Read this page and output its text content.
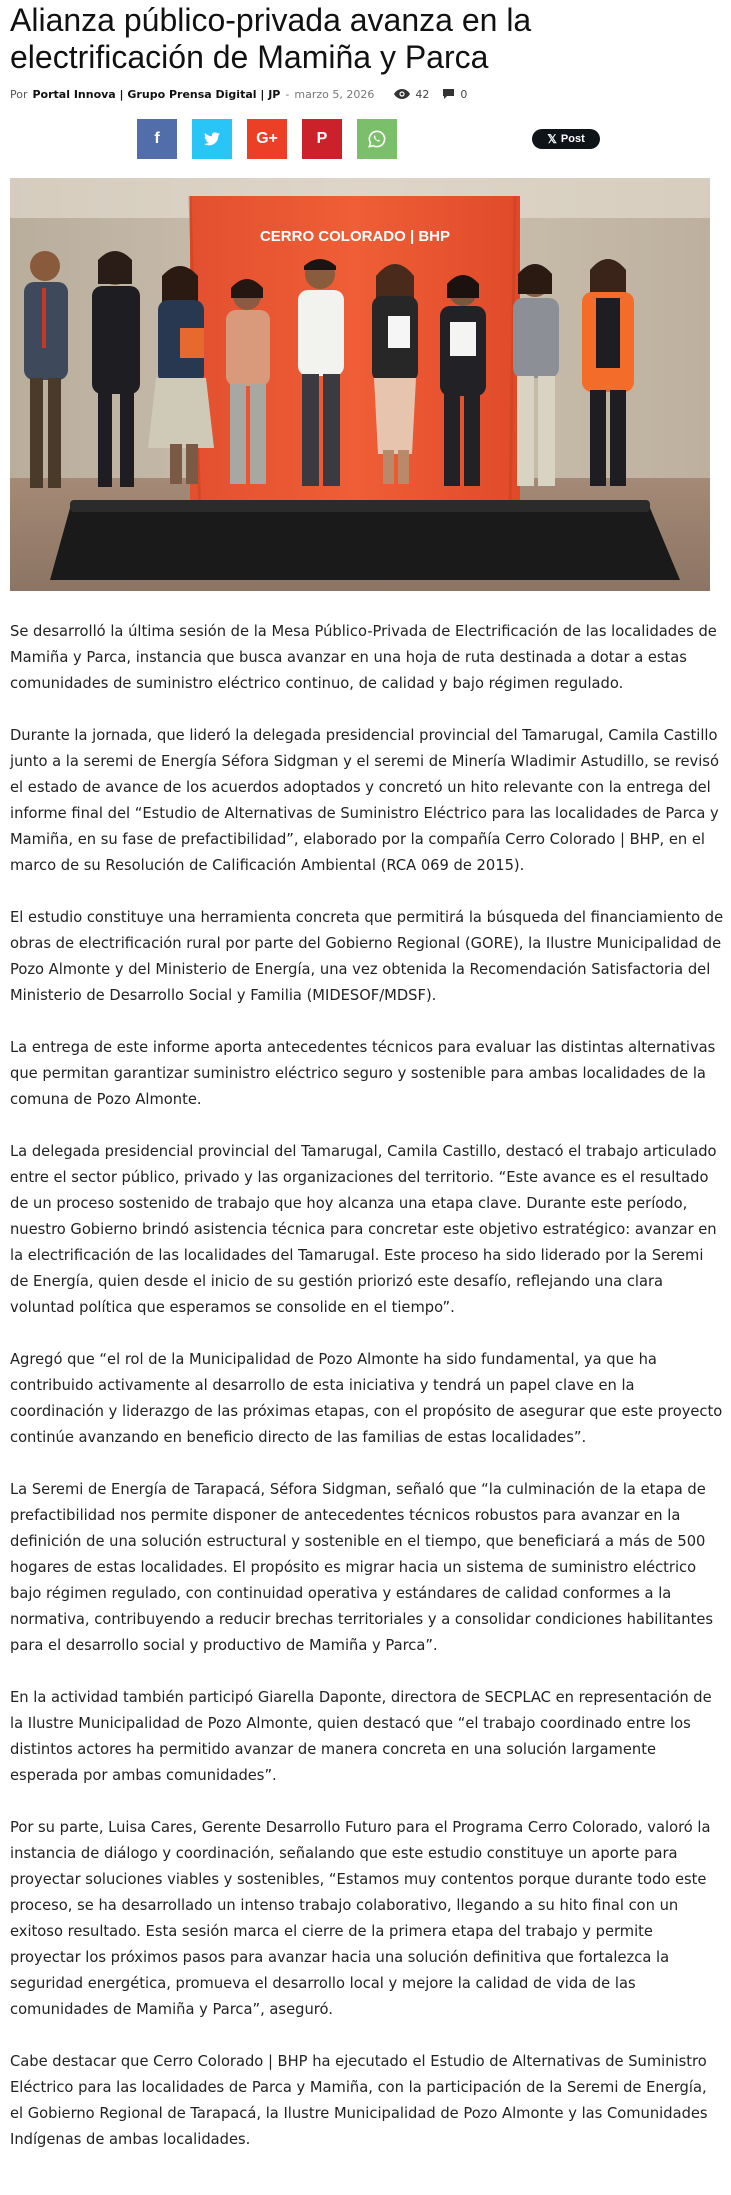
Alianza público-privada avanza en la electrificación de Mamiña y Parca
Por Portal Innova | Grupo Prensa Digital | JP - marzo 5, 2026	42	0
f	G+ P	𝕏 Post
CERRO COLORADO | BHP

Se desarrolló la última sesión de la Mesa Público-Privada de Electrificación de las localidades de Mamiña y Parca, instancia que busca avanzar en una hoja de ruta destinada a dotar a estas comunidades de suministro eléctrico continuo, de calidad y bajo régimen regulado.

Durante la jornada, que lideró la delegada presidencial provincial del Tamarugal, Camila Castillo junto a la seremi de Energía Séfora Sidgman y el seremi de Minería Wladimir Astudillo, se revisó el estado de avance de los acuerdos adoptados y concretó un hito relevante con la entrega del informe final del “Estudio de Alternativas de Suministro Eléctrico para las localidades de Parca y Mamiña, en su fase de prefactibilidad”, elaborado por la compañía Cerro Colorado | BHP, en el marco de su Resolución de Calificación Ambiental (RCA 069 de 2015).

El estudio constituye una herramienta concreta que permitirá la búsqueda del financiamiento de obras de electrificación rural por parte del Gobierno Regional (GORE), la Ilustre Municipalidad de Pozo Almonte y del Ministerio de Energía, una vez obtenida la Recomendación Satisfactoria del Ministerio de Desarrollo Social y Familia (MIDESOF/MDSF).

La entrega de este informe aporta antecedentes técnicos para evaluar las distintas alternativas que permitan garantizar suministro eléctrico seguro y sostenible para ambas localidades de la comuna de Pozo Almonte.

La delegada presidencial provincial del Tamarugal, Camila Castillo, destacó el trabajo articulado entre el sector público, privado y las organizaciones del territorio. “Este avance es el resultado de un proceso sostenido de trabajo que hoy alcanza una etapa clave. Durante este período, nuestro Gobierno brindó asistencia técnica para concretar este objetivo estratégico: avanzar en la electrificación de las localidades del Tamarugal. Este proceso ha sido liderado por la Seremi de Energía, quien desde el inicio de su gestión priorizó este desafío, reflejando una clara voluntad política que esperamos se consolide en el tiempo”.

Agregó que “el rol de la Municipalidad de Pozo Almonte ha sido fundamental, ya que ha contribuido activamente al desarrollo de esta iniciativa y tendrá un papel clave en la coordinación y liderazgo de las próximas etapas, con el propósito de asegurar que este proyecto continúe avanzando en beneficio directo de las familias de estas localidades”.

La Seremi de Energía de Tarapacá, Séfora Sidgman, señaló que “la culminación de la etapa de prefactibilidad nos permite disponer de antecedentes técnicos robustos para avanzar en la definición de una solución estructural y sostenible en el tiempo, que beneficiará a más de 500 hogares de estas localidades. El propósito es migrar hacia un sistema de suministro eléctrico bajo régimen regulado, con continuidad operativa y estándares de calidad conformes a la normativa, contribuyendo a reducir brechas territoriales y a consolidar condiciones habilitantes para el desarrollo social y productivo de Mamiña y Parca”.

En la actividad también participó Giarella Daponte, directora de SECPLAC en representación de la Ilustre Municipalidad de Pozo Almonte, quien destacó que “el trabajo coordinado entre los distintos actores ha permitido avanzar de manera concreta en una solución largamente esperada por ambas comunidades”.

Por su parte, Luisa Cares, Gerente Desarrollo Futuro para el Programa Cerro Colorado, valoró la instancia de diálogo y coordinación, señalando que este estudio constituye un aporte para proyectar soluciones viables y sostenibles, “Estamos muy contentos porque durante todo este proceso, se ha desarrollado un intenso trabajo colaborativo, llegando a su hito final con un exitoso resultado. Esta sesión marca el cierre de la primera etapa del trabajo y permite proyectar los próximos pasos para avanzar hacia una solución definitiva que fortalezca la seguridad energética, promueva el desarrollo local y mejore la calidad de vida de las comunidades de Mamiña y Parca”, aseguró.

Cabe destacar que Cerro Colorado | BHP ha ejecutado el Estudio de Alternativas de Suministro Eléctrico para las localidades de Parca y Mamiña, con la participación de la Seremi de Energía, el Gobierno Regional de Tarapacá, la Ilustre Municipalidad de Pozo Almonte y las Comunidades Indígenas de ambas localidades.
